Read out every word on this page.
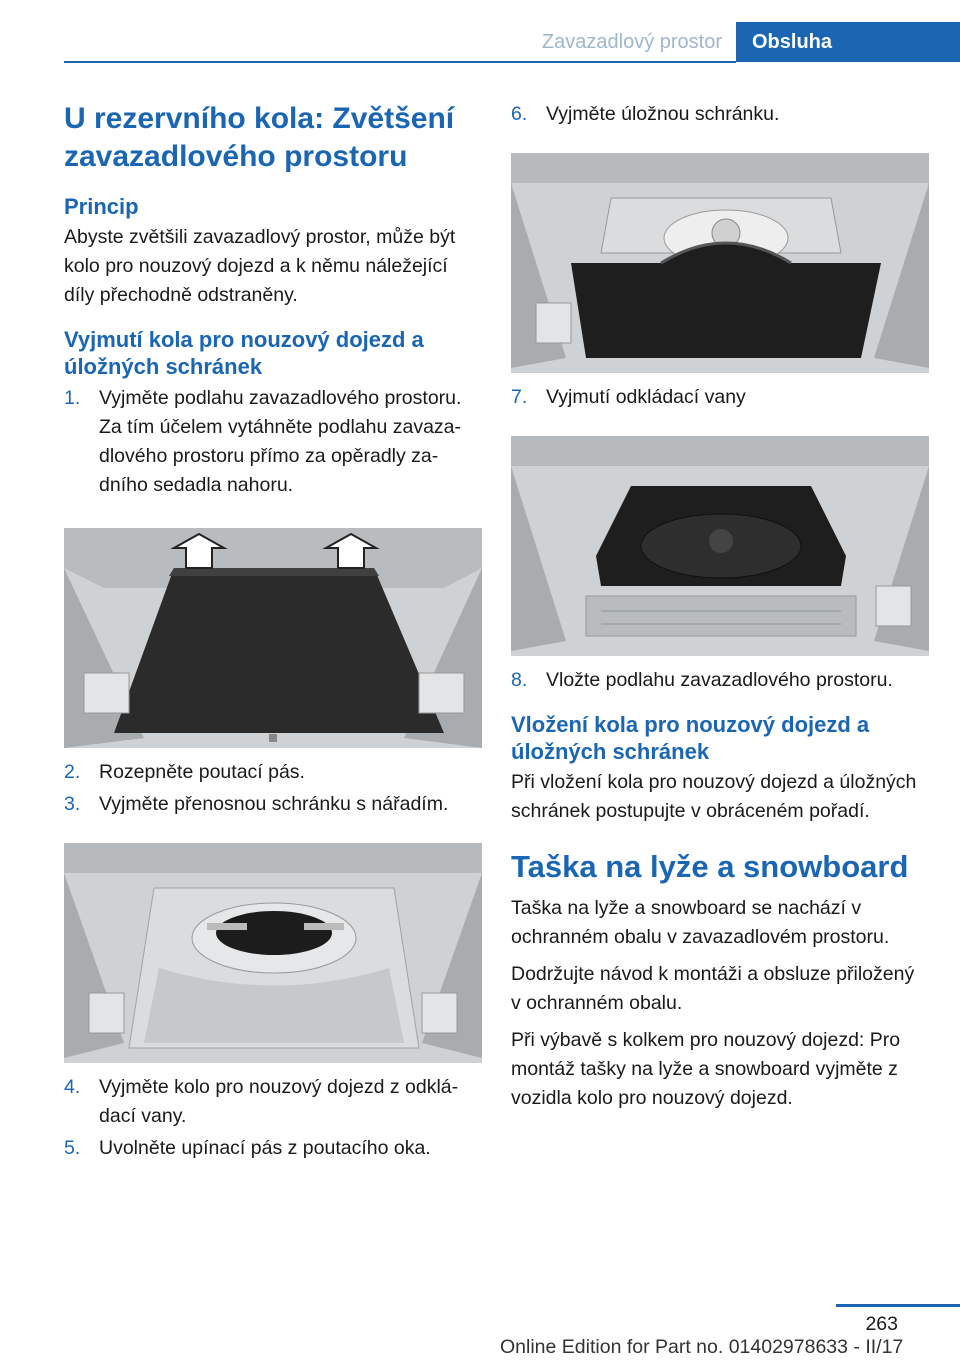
Zavazadlový prostor	Obsluha
U rezervního kola: Zvětšení zavazadlového prostoru
Princip

Abyste zvětšili zavazadlový prostor, může být kolo pro nouzový dojezd a k němu náležející díly přechodně odstraněny.

Vyjmutí kola pro nouzový dojezd a úložných schránek
1. Vyjměte podlahu zavazadlového prostoru. Za tím účelem vytáhněte podlahu zavaza‐dlového prostoru přímo za opěradly za‐dního sedadla nahoru.
2. Rozepněte poutací pás.
3. Vyjměte přenosnou schránku s nářadím.
4. Vyjměte kolo pro nouzový dojezd z odklá‐dací vany.
5. Uvolněte upínací pás z poutacího oka.
6. Vyjměte úložnou schránku.
7. Vyjmutí odkládací vany
8. Vložte podlahu zavazadlového prostoru.
Vložení kola pro nouzový dojezd a úložných schránek

Při vložení kola pro nouzový dojezd a úložných schránek postupujte v obráceném pořadí.

Taška na lyže a snowboard

Taška na lyže a snowboard se nachází v ochranném obalu v zavazadlovém prostoru.

Dodržujte návod k montáži a obsluze přiložený v ochranném obalu.

Při výbavě s kolkem pro nouzový dojezd: Pro montáž tašky na lyže a snowboard vyjměte z vozidla kolo pro nouzový dojezd.

263
Online Edition for Part no. 01402978633 - II/17
